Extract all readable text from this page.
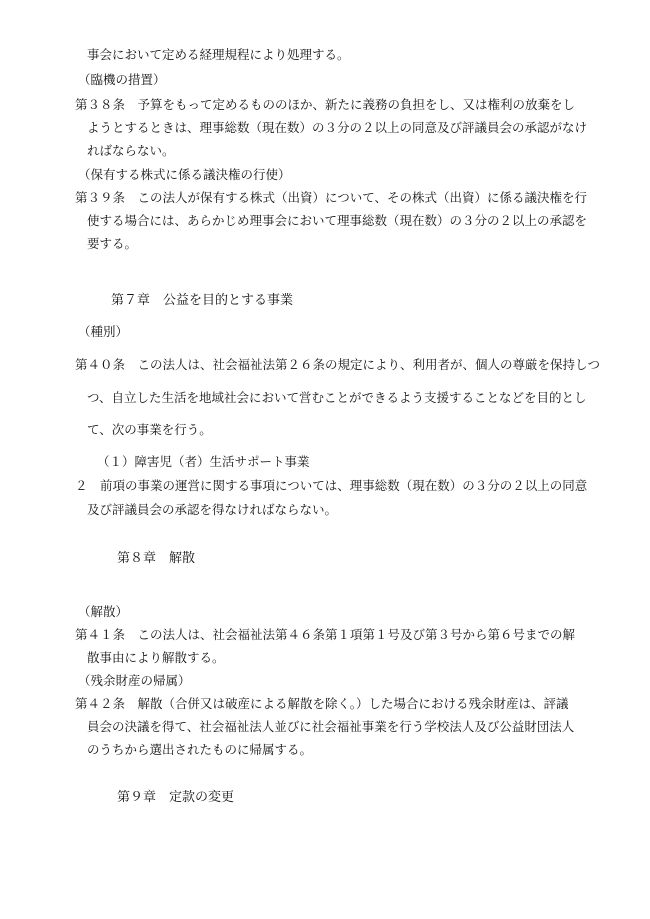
事会において定める経理規程により処理する。
（臨機の措置）
第３８条　予算をもって定めるもののほか、新たに義務の負担をし、又は権利の放棄をし
ようとするときは、理事総数（現在数）の３分の２以上の同意及び評議員会の承認がなけ
ればならない。
（保有する株式に係る議決権の行使）
第３９条　この法人が保有する株式（出資）について、その株式（出資）に係る議決権を行
使する場合には、あらかじめ理事会において理事総数（現在数）の３分の２以上の承認を
要する。
第７章　公益を目的とする事業
（種別）
第４０条　この法人は、社会福祉法第２６条の規定により、利用者が、個人の尊厳を保持しつ
つ、自立した生活を地域社会において営むことができるよう支援することなどを目的とし
て、次の事業を行う。
（１）障害児（者）生活サポート事業
２　前項の事業の運営に関する事項については、理事総数（現在数）の３分の２以上の同意
及び評議員会の承認を得なければならない。
第８章　解散
（解散）
第４１条　この法人は、社会福祉法第４６条第１項第１号及び第３号から第６号までの解
散事由により解散する。
（残余財産の帰属）
第４２条　解散（合併又は破産による解散を除く。）した場合における残余財産は、評議
員会の決議を得て、社会福祉法人並びに社会福祉事業を行う学校法人及び公益財団法人
のうちから選出されたものに帰属する。
第９章　定款の変更
